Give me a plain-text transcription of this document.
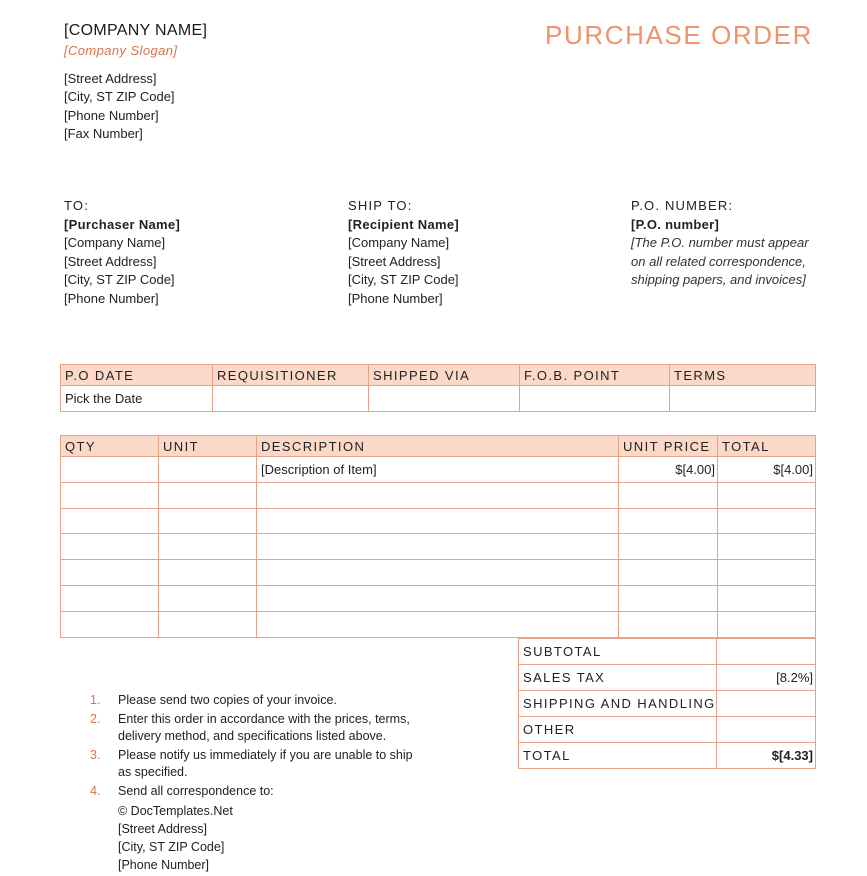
[COMPANY NAME]
[Company Slogan]
[Street Address]
[City, ST ZIP Code]
[Phone Number]
[Fax Number]
PURCHASE ORDER
TO:
[Purchaser Name]
[Company Name]
[Street Address]
[City, ST ZIP Code]
[Phone Number]
SHIP TO:
[Recipient Name]
[Company Name]
[Street Address]
[City, ST ZIP Code]
[Phone Number]
P.O. NUMBER:
[P.O. number]
[The P.O. number must appear on all related correspondence, shipping papers, and invoices]
P.O DATE	REQUISITIONER	SHIPPED VIA	F.O.B. POINT	TERMS
Pick the Date				
QTY	UNIT	DESCRIPTION	UNIT PRICE	TOTAL
		[Description of Item]	$[4.00]	$[4.00]

SUBTOTAL	
SALES TAX	[8.2%]
SHIPPING AND HANDLING	
OTHER	
TOTAL	$[4.33]
1.	Please send two copies of your invoice.
2.	Enter this order in accordance with the prices, terms, delivery method, and specifications listed above.
3.	Please notify us immediately if you are unable to ship as specified.
4.	Send all correspondence to:
© DocTemplates.Net
[Street Address]
[City, ST ZIP Code]
[Phone Number]
